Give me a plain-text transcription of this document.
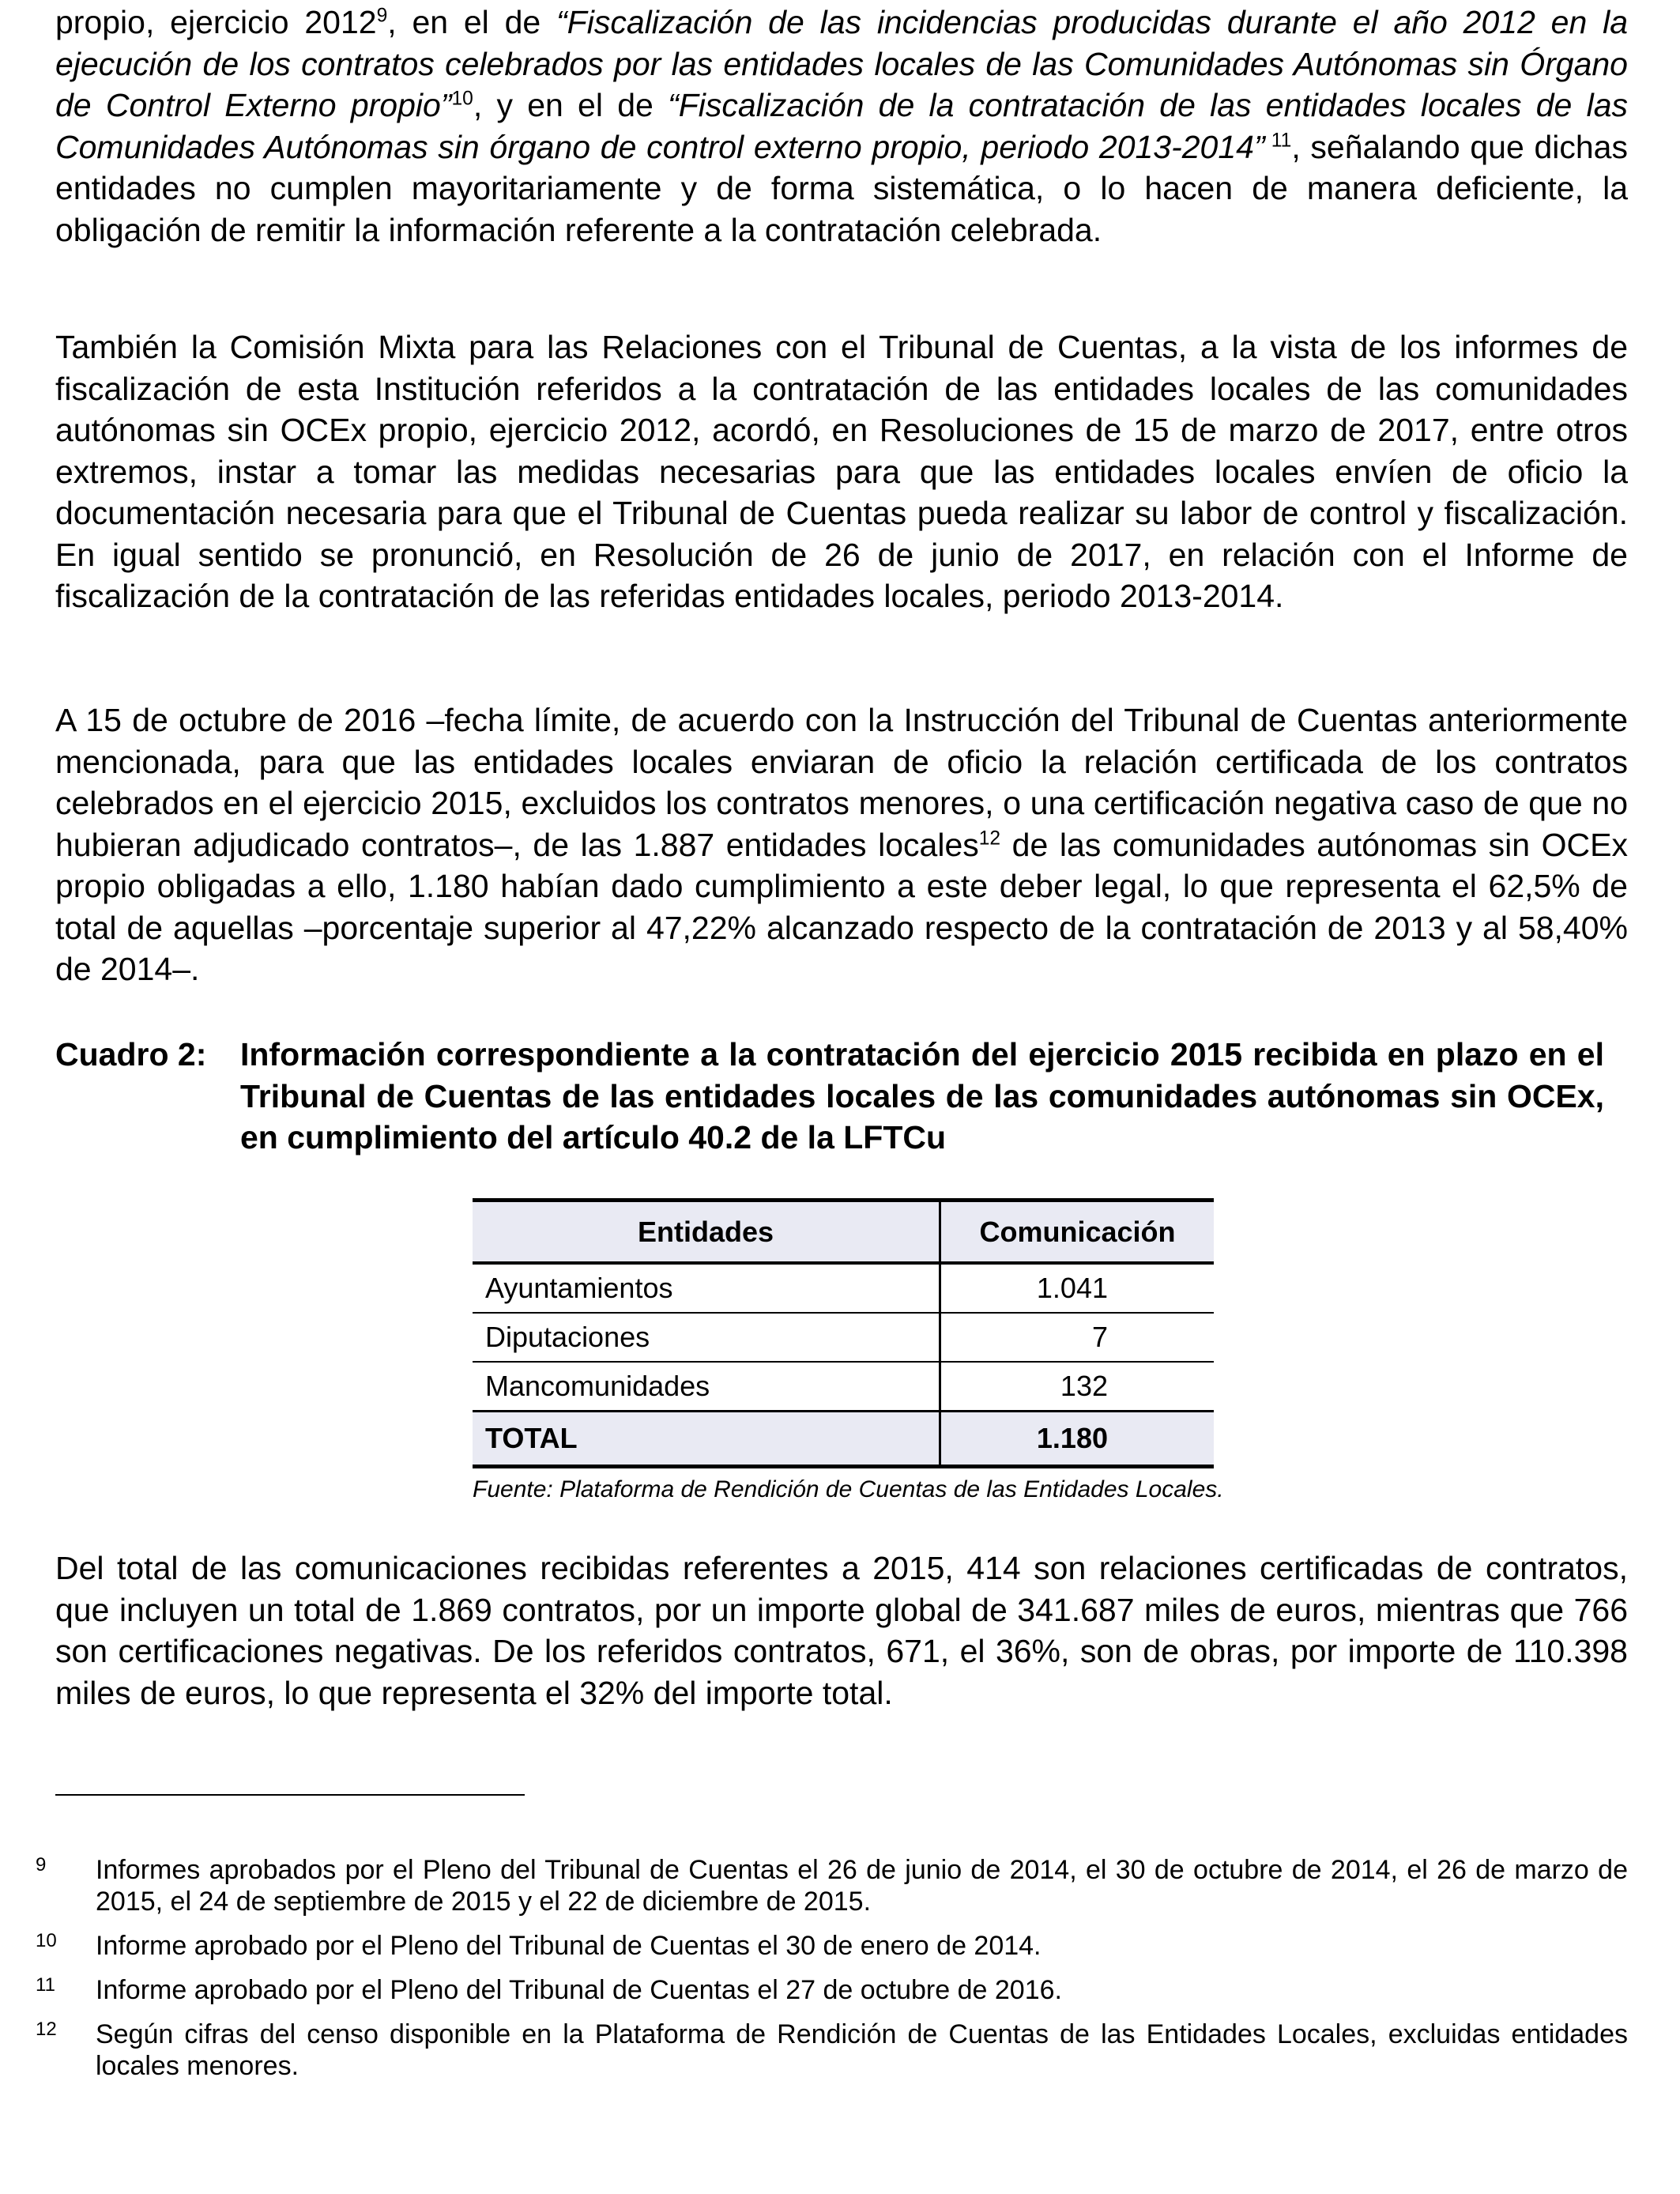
propio, ejercicio 2012$^9$, en el de “Fiscalización de las incidencias producidas durante el año 2012 en la ejecución de los contratos celebrados por las entidades locales de las Comunidades Autónomas sin Órgano de Control Externo propio”$^{10}$, y en el de “Fiscalización de la contratación de las entidades locales de las Comunidades Autónomas sin órgano de control externo propio, periodo 2013-2014” $^{11}$, señalando que dichas entidades no cumplen mayoritariamente y de forma sistemática, o lo hacen de manera deficiente, la obligación de remitir la información referente a la contratación celebrada.

También la Comisión Mixta para las Relaciones con el Tribunal de Cuentas, a la vista de los informes de fiscalización de esta Institución referidos a la contratación de las entidades locales de las comunidades autónomas sin OCEx propio, ejercicio 2012, acordó, en Resoluciones de 15 de marzo de 2017, entre otros extremos, instar a tomar las medidas necesarias para que las entidades locales envíen de oficio la documentación necesaria para que el Tribunal de Cuentas pueda realizar su labor de control y fiscalización. En igual sentido se pronunció, en Resolución de 26 de junio de 2017, en relación con el Informe de fiscalización de la contratación de las referidas entidades locales, periodo 2013-2014.

A 15 de octubre de 2016 ‒fecha límite, de acuerdo con la Instrucción del Tribunal de Cuentas anteriormente mencionada, para que las entidades locales enviaran de oficio la relación certificada de los contratos celebrados en el ejercicio 2015, excluidos los contratos menores, o una certificación negativa caso de que no hubieran adjudicado contratos‒, de las 1.887 entidades locales$^{12}$ de las comunidades autónomas sin OCEx propio obligadas a ello, 1.180 habían dado cumplimiento a este deber legal, lo que representa el 62,5% de total de aquellas ‒porcentaje superior al 47,22% alcanzado respecto de la contratación de 2013 y al 58,40% de 2014‒.

Cuadro 2: Información correspondiente a la contratación del ejercicio 2015 recibida en plazo en el Tribunal de Cuentas de las entidades locales de las comunidades autónomas sin OCEx, en cumplimiento del artículo 40.2 de la LFTCu
Entidades	Comunicación
Ayuntamientos	1.041
Diputaciones	7
Mancomunidades	132
TOTAL	1.180
Fuente: Plataforma de Rendición de Cuentas de las Entidades Locales.

Del total de las comunicaciones recibidas referentes a 2015, 414 son relaciones certificadas de contratos, que incluyen un total de 1.869 contratos, por un importe global de 341.687 miles de euros, mientras que 766 son certificaciones negativas. De los referidos contratos, 671, el 36%, son de obras, por importe de 110.398 miles de euros, lo que representa el 32% del importe total.

9 Informes aprobados por el Pleno del Tribunal de Cuentas el 26 de junio de 2014, el 30 de octubre de 2014, el 26 de marzo de 2015, el 24 de septiembre de 2015 y el 22 de diciembre de 2015.
10 Informe aprobado por el Pleno del Tribunal de Cuentas el 30 de enero de 2014.
11 Informe aprobado por el Pleno del Tribunal de Cuentas el 27 de octubre de 2016.
12 Según cifras del censo disponible en la Plataforma de Rendición de Cuentas de las Entidades Locales, excluidas entidades locales menores.
